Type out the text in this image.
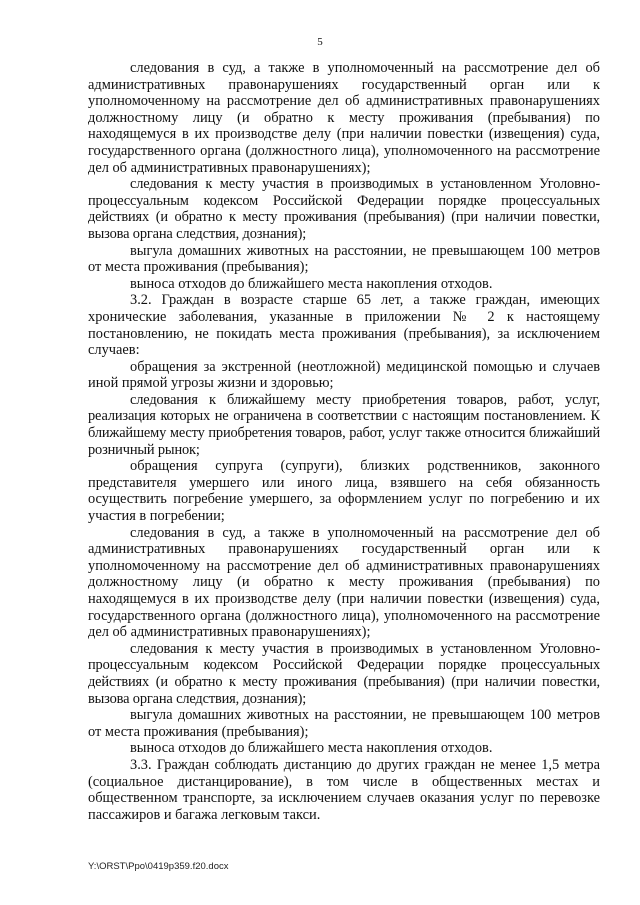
5

следования в суд, а также в уполномоченный на рассмотрение дел об административных правонарушениях государственный орган или к уполномоченному на рассмотрение дел об административных правонарушениях должностному лицу (и обратно к месту проживания (пребывания) по находящемуся в их производстве делу (при наличии повестки (извещения) суда, государственного органа (должностного лица), уполномоченного на рассмотрение дел об административных правонарушениях);

следования к месту участия в производимых в установленном Уголовно-процессуальным кодексом Российской Федерации порядке процессуальных действиях (и обратно к месту проживания (пребывания) (при наличии повестки, вызова органа следствия, дознания);

выгула домашних животных на расстоянии, не превышающем 100 метров от места проживания (пребывания);

выноса отходов до ближайшего места накопления отходов.

3.2. Граждан в возрасте старше 65 лет, а также граждан, имеющих хронические заболевания, указанные в приложении № 2 к настоящему постановлению, не покидать места проживания (пребывания), за исключением случаев:

обращения за экстренной (неотложной) медицинской помощью и случаев иной прямой угрозы жизни и здоровью;

следования к ближайшему месту приобретения товаров, работ, услуг, реализация которых не ограничена в соответствии с настоящим постановлением. К ближайшему месту приобретения товаров, работ, услуг также относится ближайший розничный рынок;

обращения супруга (супруги), близких родственников, законного представителя умершего или иного лица, взявшего на себя обязанность осуществить погребение умершего, за оформлением услуг по погребению и их участия в погребении;

следования в суд, а также в уполномоченный на рассмотрение дел об административных правонарушениях государственный орган или к уполномоченному на рассмотрение дел об административных правонарушениях должностному лицу (и обратно к месту проживания (пребывания) по находящемуся в их производстве делу (при наличии повестки (извещения) суда, государственного органа (должностного лица), уполномоченного на рассмотрение дел об административных правонарушениях);

следования к месту участия в производимых в установленном Уголовно-процессуальным кодексом Российской Федерации порядке процессуальных действиях (и обратно к месту проживания (пребывания) (при наличии повестки, вызова органа следствия, дознания);

выгула домашних животных на расстоянии, не превышающем 100 метров от места проживания (пребывания);

выноса отходов до ближайшего места накопления отходов.

3.3. Граждан соблюдать дистанцию до других граждан не менее 1,5 метра (социальное дистанцирование), в том числе в общественных местах и общественном транспорте, за исключением случаев оказания услуг по перевозке пассажиров и багажа легковым такси.

Y:\ORST\Ppo\0419p359.f20.docx
